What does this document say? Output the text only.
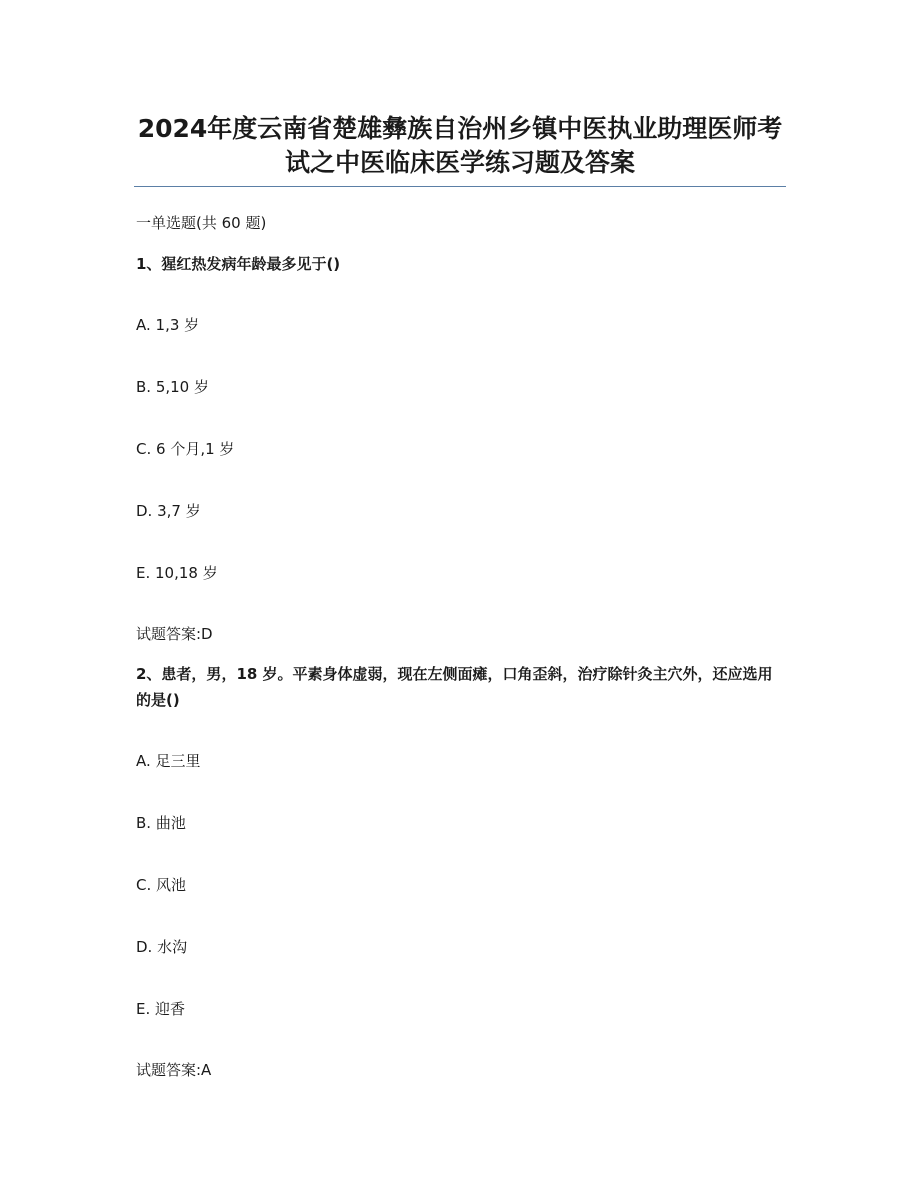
2024年度云南省楚雄彝族自治州乡镇中医执业助理医师考试之中医临床医学练习题及答案
一单选题(共 60 题)
1、猩红热发病年龄最多见于()
A. 1,3 岁
B. 5,10 岁
C. 6 个月,1 岁
D. 3,7 岁
E. 10,18 岁
试题答案:D
2、患者，男，18 岁。平素身体虚弱，现在左侧面瘫，口角歪斜，治疗除针灸主穴外，还应选用的是()
A. 足三里
B. 曲池
C. 风池
D. 水沟
E. 迎香
试题答案:A
